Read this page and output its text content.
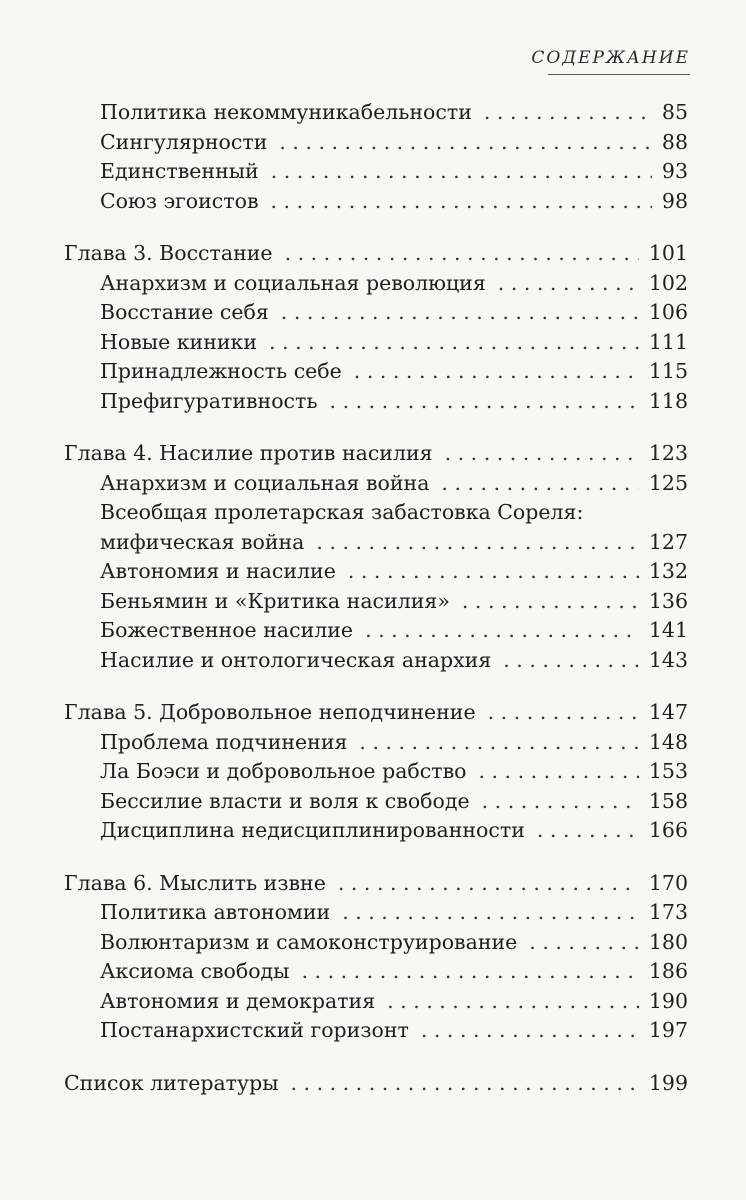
СОДЕРЖАНИЕ
Политика некоммуникабельности . . .	85
Сингулярности . . .	88
Единственный . . .	93
Союз эгоистов . . .	98
Глава 3. Восстание . . .	101
Анархизм и социальная революция . . .	102
Восстание себя . . .	106
Новые киники . . .	111
Принадлежность себе . . .	115
Префигуративность . . .	118
Глава 4. Насилие против насилия . . .	123
Анархизм и социальная война . . .	125
Всеобщая пролетарская забастовка Сореля:
мифическая война . . .	127
Автономия и насилие . . .	132
Беньямин и «Критика насилия» . . .	136
Божественное насилие . . .	141
Насилие и онтологическая анархия . . .	143
Глава 5. Добровольное неподчинение . . .	147
Проблема подчинения . . .	148
Ла Боэси и добровольное рабство . . .	153
Бессилие власти и воля к свободе . . .	158
Дисциплина недисциплинированности . . .	166
Глава 6. Мыслить извне . . .	170
Политика автономии . . .	173
Волюнтаризм и самоконструирование . . .	180
Аксиома свободы . . .	186
Автономия и демократия . . .	190
Постанархистский горизонт . . .	197
Список литературы . . .	199
